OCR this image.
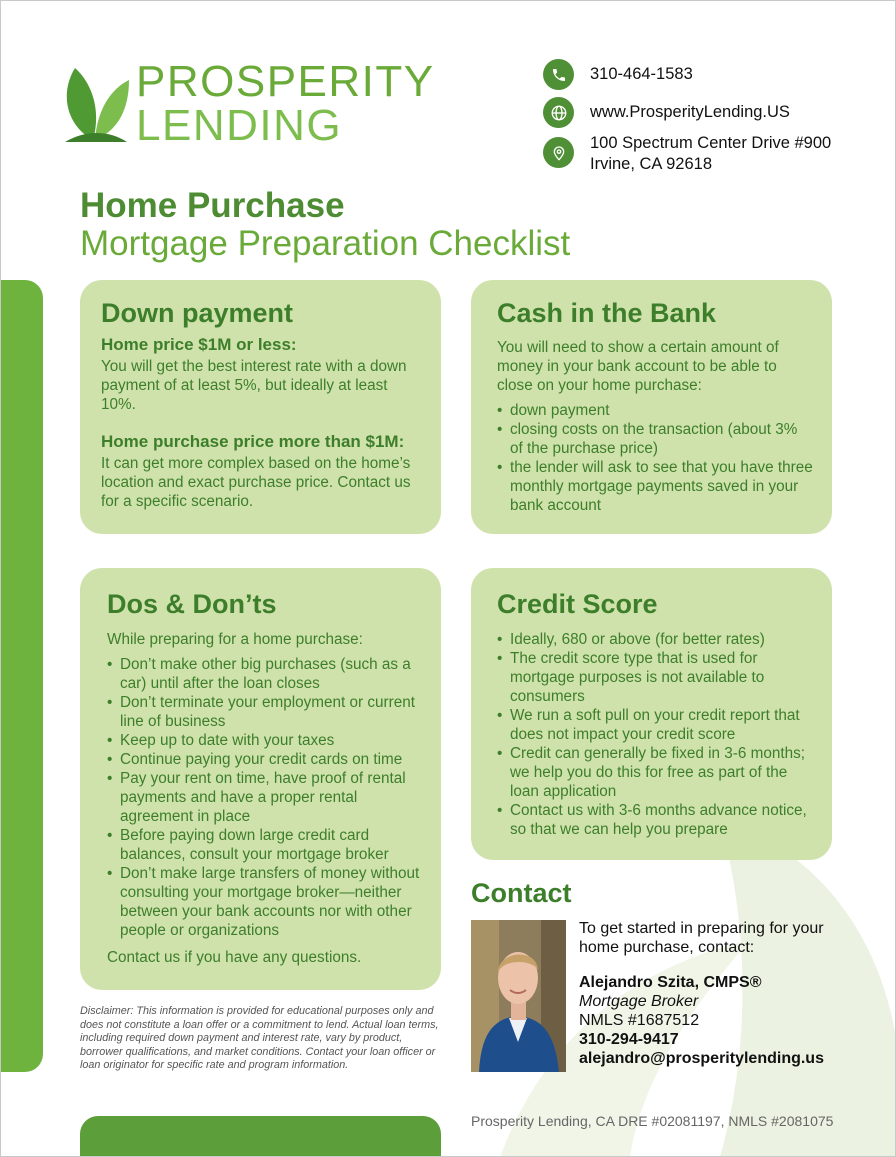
PROSPERITY
LENDING
310-464-1583
www.ProsperityLending.US
100 Spectrum Center Drive #900
Irvine, CA 92618
Home Purchase
Mortgage Preparation Checklist
Down payment
Home price $1M or less:

You will get the best interest rate with a down payment of at least 5%, but ideally at least 10%.

Home purchase price more than $1M:

It can get more complex based on the home’s location and exact purchase price. Contact us for a specific scenario.

Cash in the Bank

You will need to show a certain amount of money in your bank account to be able to close on your home purchase:

• down payment
• closing costs on the transaction (about 3% of the purchase price)
• the lender will ask to see that you have three monthly mortgage payments saved in your bank account
Dos & Don’ts

While preparing for a home purchase:

• Don’t make other big purchases (such as a car) until after the loan closes
• Don’t terminate your employment or current line of business
• Keep up to date with your taxes
• Continue paying your credit cards on time
• Pay your rent on time, have proof of rental payments and have a proper rental agreement in place
• Before paying down large credit card balances, consult your mortgage broker
• Don’t make large transfers of money without consulting your mortgage broker—neither between your bank accounts nor with other people or organizations

Contact us if you have any questions.

Credit Score
• Ideally, 680 or above (for better rates)
• The credit score type that is used for mortgage purposes is not available to consumers
• We run a soft pull on your credit report that does not impact your credit score
• Credit can generally be fixed in 3-6 months; we help you do this for free as part of the loan application
• Contact us with 3-6 months advance notice, so that we can help you prepare
Contact
To get started in preparing for your home purchase, contact:
Alejandro Szita, CMPS®
Mortgage Broker
NMLS #1687512
310-294-9417
alejandro@prosperitylending.us
Disclaimer: This information is provided for educational purposes only and does not constitute a loan offer or a commitment to lend. Actual loan terms, including required down payment and interest rate, vary by product, borrower qualifications, and market conditions. Contact your loan officer or loan originator for specific rate and program information.
Prosperity Lending, CA DRE #02081197, NMLS #2081075
